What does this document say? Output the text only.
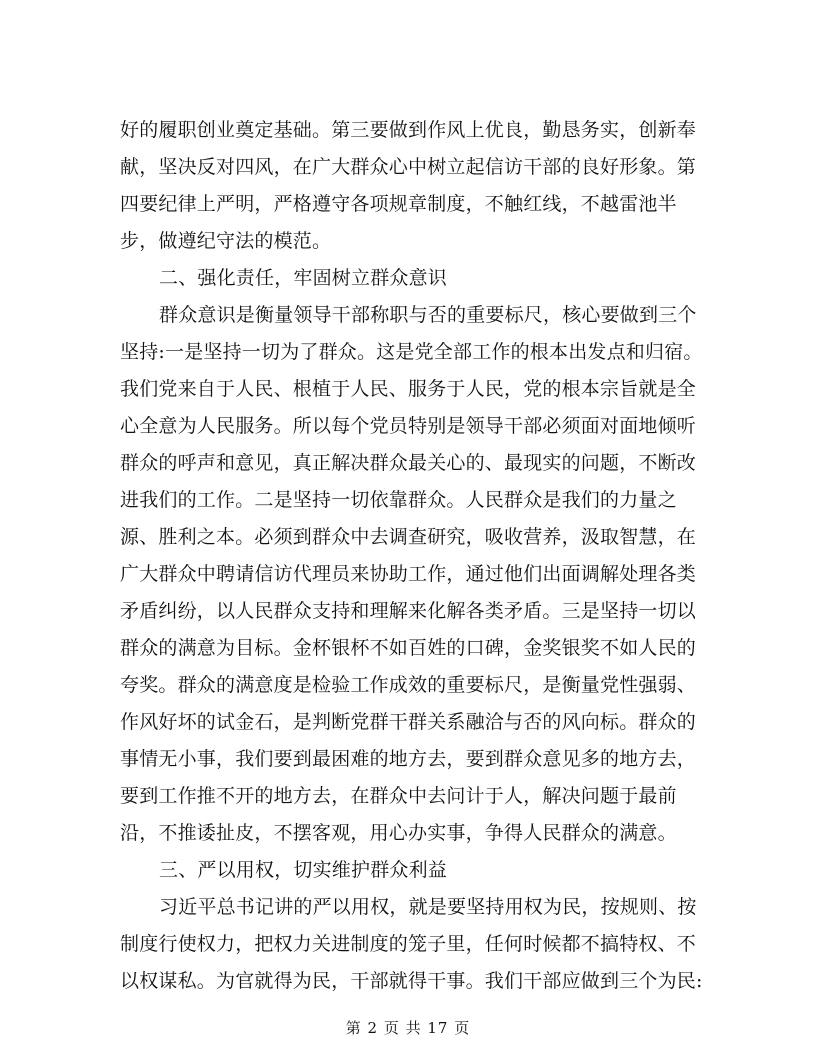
好的履职创业奠定基础。第三要做到作风上优良，勤恳务实，创新奉
献，坚决反对四风，在广大群众心中树立起信访干部的良好形象。第
四要纪律上严明，严格遵守各项规章制度，不触红线，不越雷池半
步，做遵纪守法的模范。
二、强化责任，牢固树立群众意识
群众意识是衡量领导干部称职与否的重要标尺，核心要做到三个
坚持:一是坚持一切为了群众。这是党全部工作的根本出发点和归宿。
我们党来自于人民、根植于人民、服务于人民，党的根本宗旨就是全
心全意为人民服务。所以每个党员特别是领导干部必须面对面地倾听
群众的呼声和意见，真正解决群众最关心的、最现实的问题，不断改
进我们的工作。二是坚持一切依靠群众。人民群众是我们的力量之
源、胜利之本。必须到群众中去调查研究，吸收营养，汲取智慧，在
广大群众中聘请信访代理员来协助工作，通过他们出面调解处理各类
矛盾纠纷，以人民群众支持和理解来化解各类矛盾。三是坚持一切以
群众的满意为目标。金杯银杯不如百姓的口碑，金奖银奖不如人民的
夸奖。群众的满意度是检验工作成效的重要标尺，是衡量党性强弱、
作风好坏的试金石，是判断党群干群关系融洽与否的风向标。群众的
事情无小事，我们要到最困难的地方去，要到群众意见多的地方去，
要到工作推不开的地方去，在群众中去问计于人，解决问题于最前
沿，不推诿扯皮，不摆客观，用心办实事，争得人民群众的满意。
三、严以用权，切实维护群众利益
习近平总书记讲的严以用权，就是要坚持用权为民，按规则、按
制度行使权力，把权力关进制度的笼子里，任何时候都不搞特权、不
以权谋私。为官就得为民，干部就得干事。我们干部应做到三个为民:
第 2 页 共 17 页
